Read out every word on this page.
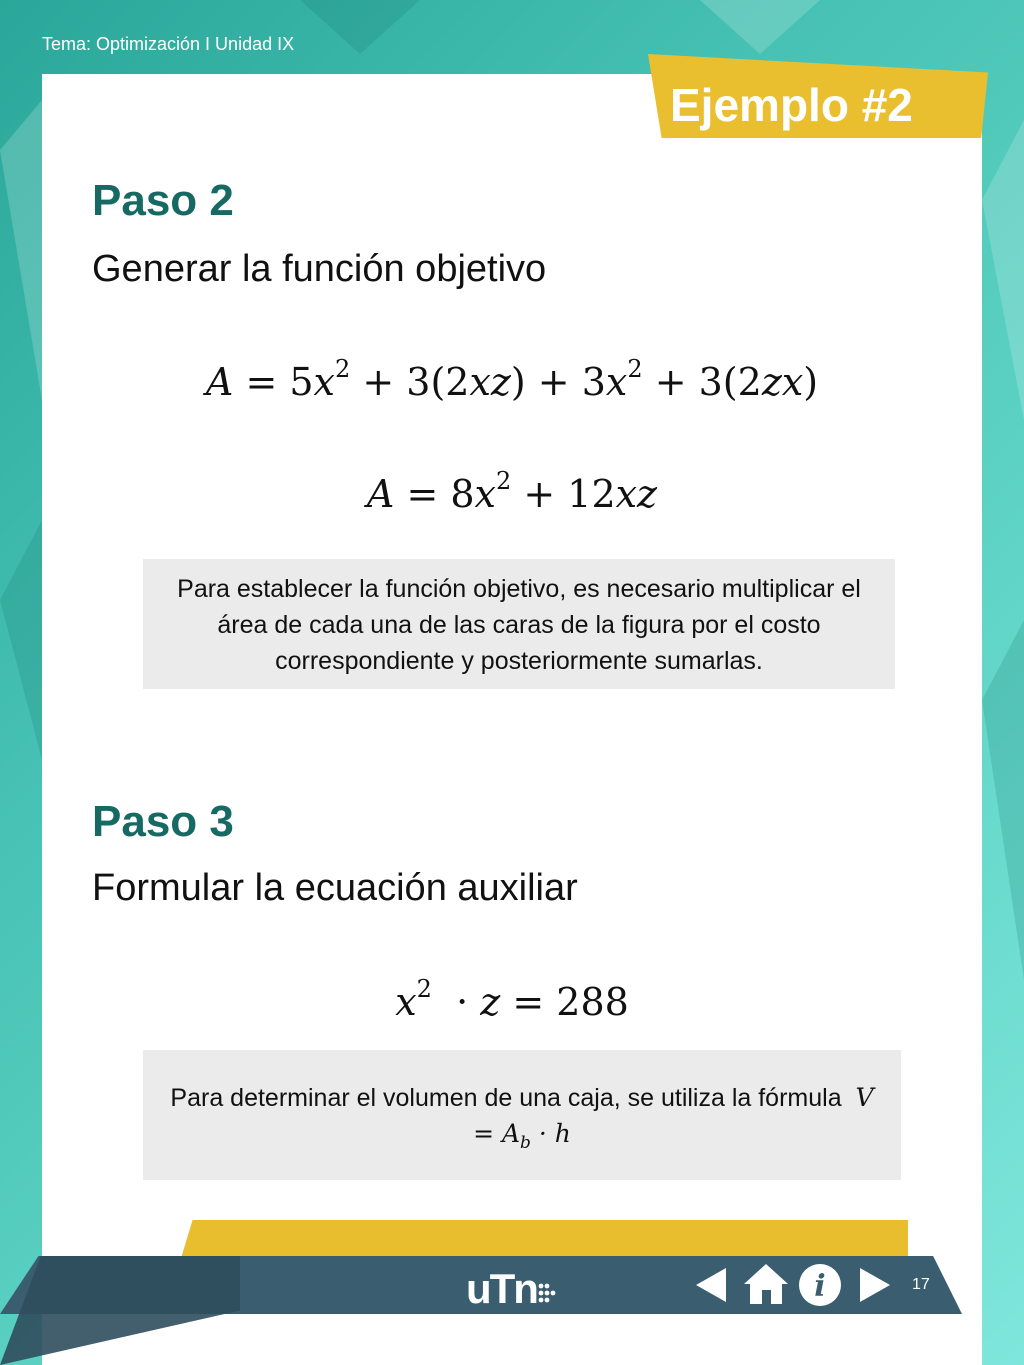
Tema: Optimización I Unidad IX
Ejemplo #2
Paso 2
Generar la función objetivo
$A = 5x^2 + 3(2xz) + 3x^2 + 3(2zx)$
$A = 8x^2 + 12xz$
Para establecer la función objetivo, es necesario multiplicar el área de cada una de las caras de la figura por el costo correspondiente y posteriormente sumarlas.
Paso 3
Formular la ecuación auxiliar
$x^2 \cdot z = 288$
Para determinar el volumen de una caja, se utiliza la fórmula $V = A_b \cdot h$
uTn	i	17
